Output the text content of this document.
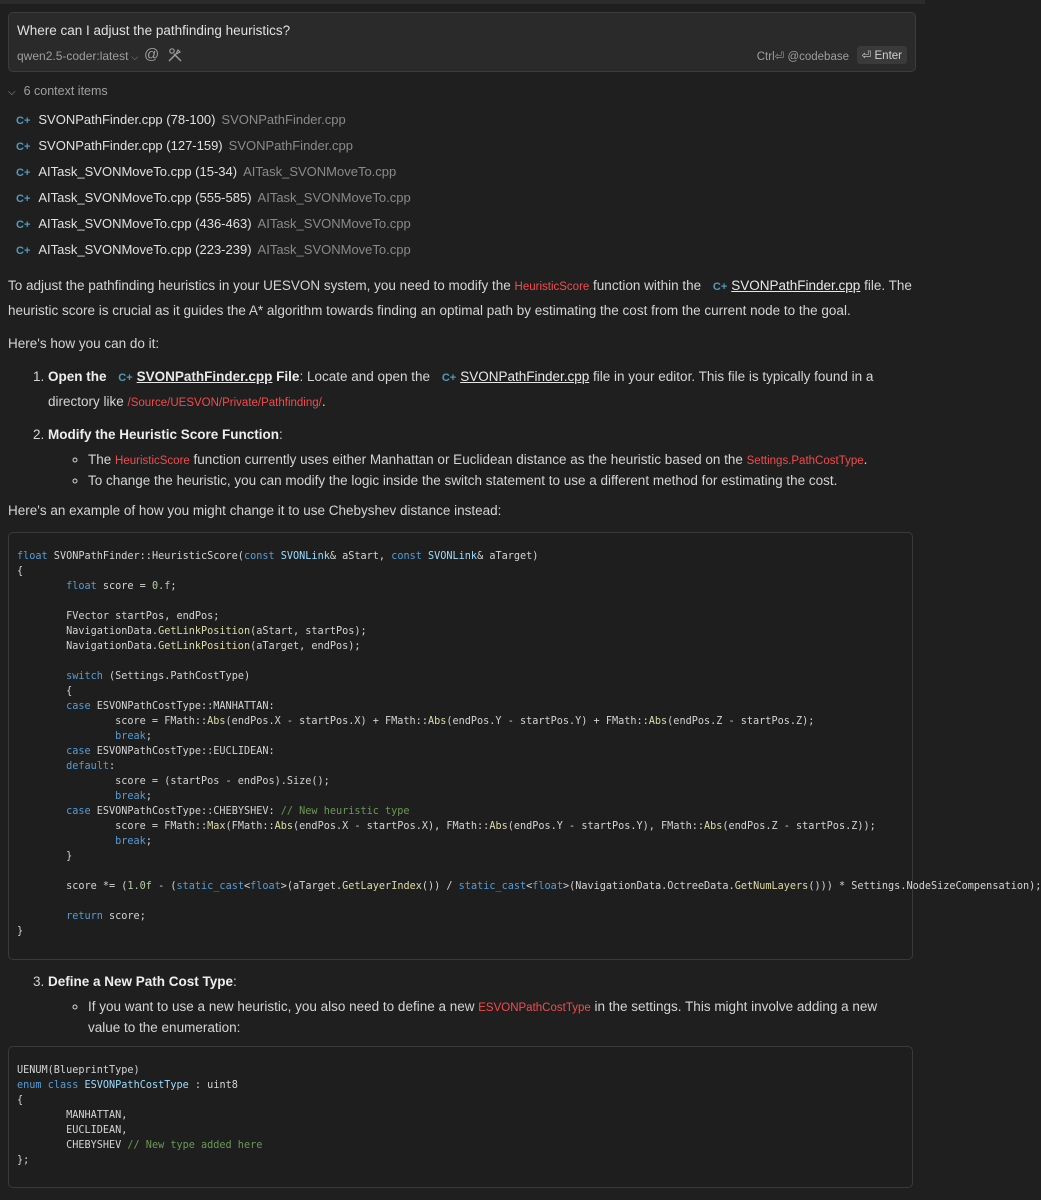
Where can I adjust the pathfinding heuristics?
qwen2.5-coder:latest ⌵ @	Ctrl⏎ @codebase	⏎ Enter
⌵ 6 context items
C+ SVONPathFinder.cpp (78-100) SVONPathFinder.cpp
C+ SVONPathFinder.cpp (127-159) SVONPathFinder.cpp
C+ AITask_SVONMoveTo.cpp (15-34) AITask_SVONMoveTo.cpp
C+ AITask_SVONMoveTo.cpp (555-585) AITask_SVONMoveTo.cpp
C+ AITask_SVONMoveTo.cpp (436-463) AITask_SVONMoveTo.cpp
C+ AITask_SVONMoveTo.cpp (223-239) AITask_SVONMoveTo.cpp

To adjust the pathfinding heuristics in your UESVON system, you need to modify the HeuristicScore function within the C+ SVONPathFinder.cpp file. The heuristic score is crucial as it guides the A* algorithm towards finding an optimal path by estimating the cost from the current node to the goal.

Here's how you can do it:

1. Open the C+ SVONPathFinder.cpp File: Locate and open the C+ SVONPathFinder.cpp file in your editor. This file is typically found in a directory like /Source/UESVON/Private/Pathfinding/.
2. Modify the Heuristic Score Function:
◦ The HeuristicScore function currently uses either Manhattan or Euclidean distance as the heuristic based on the Settings.PathCostType.
◦ To change the heuristic, you can modify the logic inside the switch statement to use a different method for estimating the cost.

Here's an example of how you might change it to use Chebyshev distance instead:

float SVONPathFinder::HeuristicScore(const SVONLink& aStart, const SVONLink& aTarget)
{
float score = 0.f;

FVector startPos, endPos;
NavigationData.GetLinkPosition(aStart, startPos);
NavigationData.GetLinkPosition(aTarget, endPos);

switch (Settings.PathCostType)
{
case ESVONPathCostType::MANHATTAN:
score = FMath::Abs(endPos.X - startPos.X) + FMath::Abs(endPos.Y - startPos.Y) + FMath::Abs(endPos.Z - startPos.Z);
break;
case ESVONPathCostType::EUCLIDEAN:
default:
score = (startPos - endPos).Size();
break;
case ESVONPathCostType::CHEBYSHEV: // New heuristic type
score = FMath::Max(FMath::Abs(endPos.X - startPos.X), FMath::Abs(endPos.Y - startPos.Y), FMath::Abs(endPos.Z - startPos.Z));
break;
}

score *= (1.0f - (static_cast<float>(aTarget.GetLayerIndex()) / static_cast<float>(NavigationData.OctreeData.GetNumLayers())) * Settings.NodeSizeCompensation);

return score;
}
3. Define a New Path Cost Type:
◦ If you want to use a new heuristic, you also need to define a new ESVONPathCostType in the settings. This might involve adding a new value to the enumeration:
UENUM(BlueprintType)
enum class ESVONPathCostType : uint8
{
MANHATTAN,
EUCLIDEAN,
CHEBYSHEV // New type added here
};
